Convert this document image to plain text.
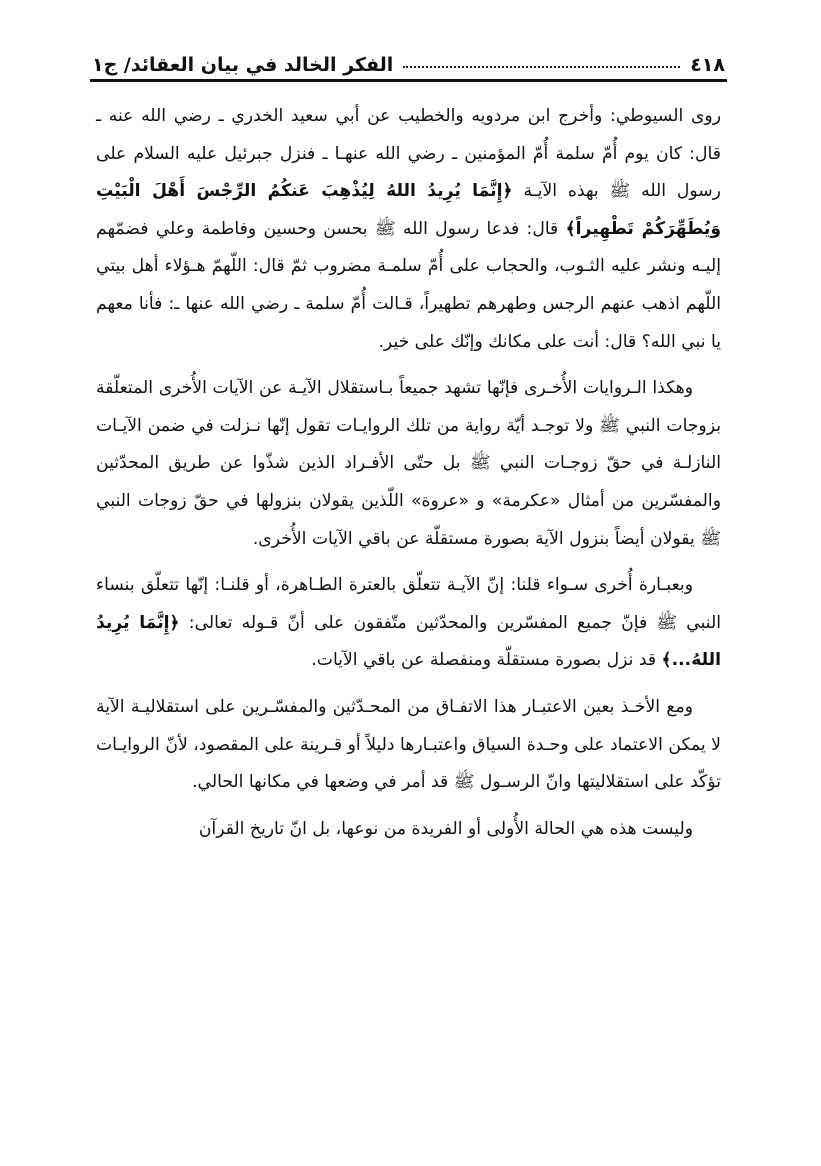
٤١٨
الفكر الخالد في بيان العقائد/ ج١

روى السيوطي: وأخرج ابن مردويه والخطيب عن أبي سعيد الخدري ـ رضي الله عنه ـ قال: كان يوم أُمّ سلمة أُمّ المؤمنين ـ رضي الله عنهـا ـ فنزل جبرئيل عليه السلام على رسول الله ﷺ بهذه الآيـة ﴿إِنَّمَا يُرِيدُ اللهُ لِيُذْهِبَ عَنكُمُ الرِّجْسَ أَهْلَ الْبَيْتِ وَيُطَهِّرَكُمْ تَطْهِيراً﴾ قال: فدعا رسول الله ﷺ بحسن وحسين وفاطمة وعلي فضمّهم إليـه ونشر عليه الثـوب، والحجاب على أُمّ سلمـة مضروب ثمّ قال: اللّهمّ هـؤلاء أهل بيتي اللّهم اذهب عنهم الرجس وطهرهم تطهيراً، قـالت أُمّ سلمة ـ رضي الله عنها ـ: فأنا معهم يا نبي الله؟ قال: أنت على مكانك وإنّك على خير.

وهكذا الـروايات الأُخـرى فإنّها تشهد جميعاً بـاستقلال الآيـة عن الآيات الأُخرى المتعلّقة بزوجات النبي ﷺ ولا توجـد أيّة رواية من تلك الروايـات تقول إنّها نـزلت في ضمن الآيـات النازلـة في حقّ زوجـات النبي ﷺ بل حتّى الأفـراد الذين شذّوا عن طريق المحدّثين والمفسّرين من أمثال «عكرمة» و «عروة» اللّذين يقولان بنزولها في حقّ زوجات النبي ﷺ يقولان أيضاً بنزول الآية بصورة مستقلّة عن باقي الآيات الأُخرى.

وبعبـارة أُخرى سـواء قلنا: إنّ الآيـة تتعلّق بالعترة الطـاهرة، أو قلنـا: إنّها تتعلّق بنساء النبي ﷺ فإنّ جميع المفسّرين والمحدّثين متّفقون على أنّ قـوله تعالى: ﴿إِنَّمَا يُرِيدُ اللهُ...﴾ قد نزل بصورة مستقلّة ومنفصلة عن باقي الآيات.

ومع الأخـذ بعين الاعتبـار هذا الاتفـاق من المحـدّثين والمفسّـرين على استقلاليـة الآية لا يمكن الاعتماد على وحـدة السياق واعتبـارها دليلاً أو قـرينة على المقصود، لأنّ الروايـات تؤكّد على استقلاليتها وانّ الرسـول ﷺ قد أمر في وضعها في مكانها الحالي.

وليست هذه هي الحالة الأُولى أو الفريدة من نوعها، بل انّ تاريخ القرآن
